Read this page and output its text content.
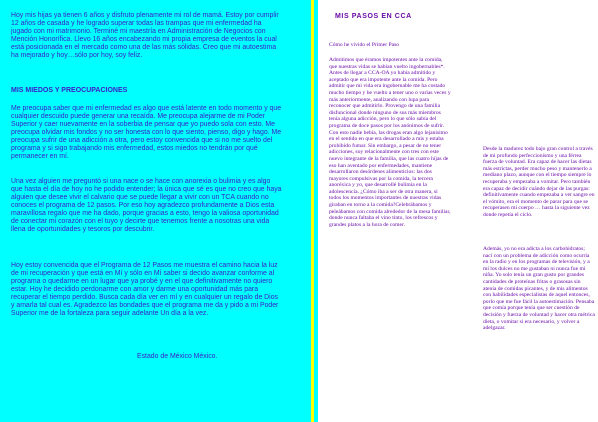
Hoy mis hijas ya tienen 6 años y disfruto plenamente mi rol de mamá. Estoy por cumplir 12 años de casada y he logrado superar todas las trampas que mi enfermedad ha jugado con mi matrimonio. Terminé mi maestría en Administración de Negocios con Mención Honorífica. Llevo 16 años encabezando mi propia empresa de eventos la cual está posicionada en el mercado como una de las más sólidas. Creo que mi autoestima ha mejorado y hoy…sólo por hoy, soy feliz.
MIS MIEDOS Y PREOCUPACIONES
Me preocupa saber que mi enfermedad es algo que está latente en todo momento y que cualquier descuido puede generar una recaída. Me preocupa alejarme de mi Poder Superior y caer nuevamente en la soberbia de pensar que yo puedo sola con esto. Me preocupa olvidar mis fondos y no ser honesta con lo que siento, pienso, digo y hago. Me preocupa sufrir de una adicción a otra, pero estoy convencida que si no me suelto del programa y si sigo trabajando mis enfermedad, estos miedos no tendrán por qué permanecer en mí.
Una vez alguien me preguntó si una nace o se hace con anorexia o bulimia y es algo que hasta el día de hoy no he podido entender; la única que sé es que no creo que haya alguien que desee vivir el calvario que se puede llegar a vivir con un TCA cuando no conoces el programa de 12 pasos. Por eso hoy agradezco profundamente a Dios esta maravillosa regalo que me ha dado, porque gracias a esto, tengo la valiosa oportunidad de conectar mi corazón con el tuyo y decirte que tenemos frente a nosotras una vida llena de oportunidades y tesoros por descubrir.
Hoy estoy convencida que el Programa de 12 Pasos me muestra el camino hacia la luz de mi recuperación y que está en Mí y sólo en Mí saber si decido avanzar conforme al programa o quedarme en un lugar que ya probé y en el que definitivamente no quiero estar. Hoy he decidido perdonarme con amor y darme una oportunidad más para recuperar el tiempo perdido. Busca cada día ver en mí y en cualquier un regalo de Dios y amarla tal cual es. Agradezco las bondades que el programa me da y pido a mi Poder Superior me de la fortaleza para seguir adelante Un día a la vez.
Estado de México México.
MIS PASOS EN CCA
Cómo he vivido el Primer Paso
Admitimos que éramos impotentes ante la comida, que nuestras vidas se habían vuelto ingobernables*. Antes de llegar a CCA-OA yo había admitido y aceptado que era impotente ante la comida. Pero admitir que mi vida era ingobernable me ha costado mucho tiempo y he vuelto a tener uno o varias veces y más anteriormente, analizando con lupa para reconocer que admitirlo. Provengo de una familia disfuncional donde ninguno de sus más miembros tenía alguna adicción, pero lo que sólo sabía del programa de doce pasos por los anónimos de sufrir. Con esto nadie bebía, las drogas eran algo lejanísimo en el sentido en que era desarrollado a mis y estaba prohibido fumar. Sin embargo, a pesar de no tener adicciones, soy relacionalmente con tres con este nuevo integrante de la familia, que las cuatro hijas de eso han aventado por enfermedades, mantiene desarrollaron desórdenes alimenticios: las dos mayores compulsivas por la comida, la tercera anoréxica y yo, que desarrollé bulimia en la adolescencia. ¿Cómo iba a ser de otra manera, si todos los momentos importantes de nuestras vidas giraban en torno a la comida?Celebrábamos y peleábamos con comida alrededor de la mesa familiar, donde nunca faltaba el vino tinto, los refrescos y grandes platos a la hora de comer.
Desde la madurez todo bajo gran control a través de mi profundo perfeccionismo y una férrea fuerza de voluntad. Era capaz de hacer las dietas más estrictas, perder mucho peso y mantenerlo a mediano plazo, aunque con el tiempo siempre lo recuperaba y empezaba a vomitar. Pero también era capaz de decidir cuándo dejar de las purgas: definitivamente cuando empezaba a ver sangre en el vómito, era el momento de parar para que se recuperasen mi cuerpo … hasta la siguiente vez donde repetía el ciclo.
Además, yo no era adicta a los carbohidratos; nací con un problema de adicción como ocurría en la radio y en los programas de televisión, y a mí los dulces no me gustaban ni nunca fue mi niña. Yo solo tenía un gran gusto por grandes cantidades de proteínas fritas o grasosas sin atenía de comidas picantes, y de mis alimentos con habilidades especialistas de aquel entonces, porlo que me fue fácil la autoestimación. Pensaba que comía porque tenía que ser cuestión de decisión y fuerza de voluntad y hacer otra métrica dieta, o vomitar si era necesario, y volver a adelgazar.
